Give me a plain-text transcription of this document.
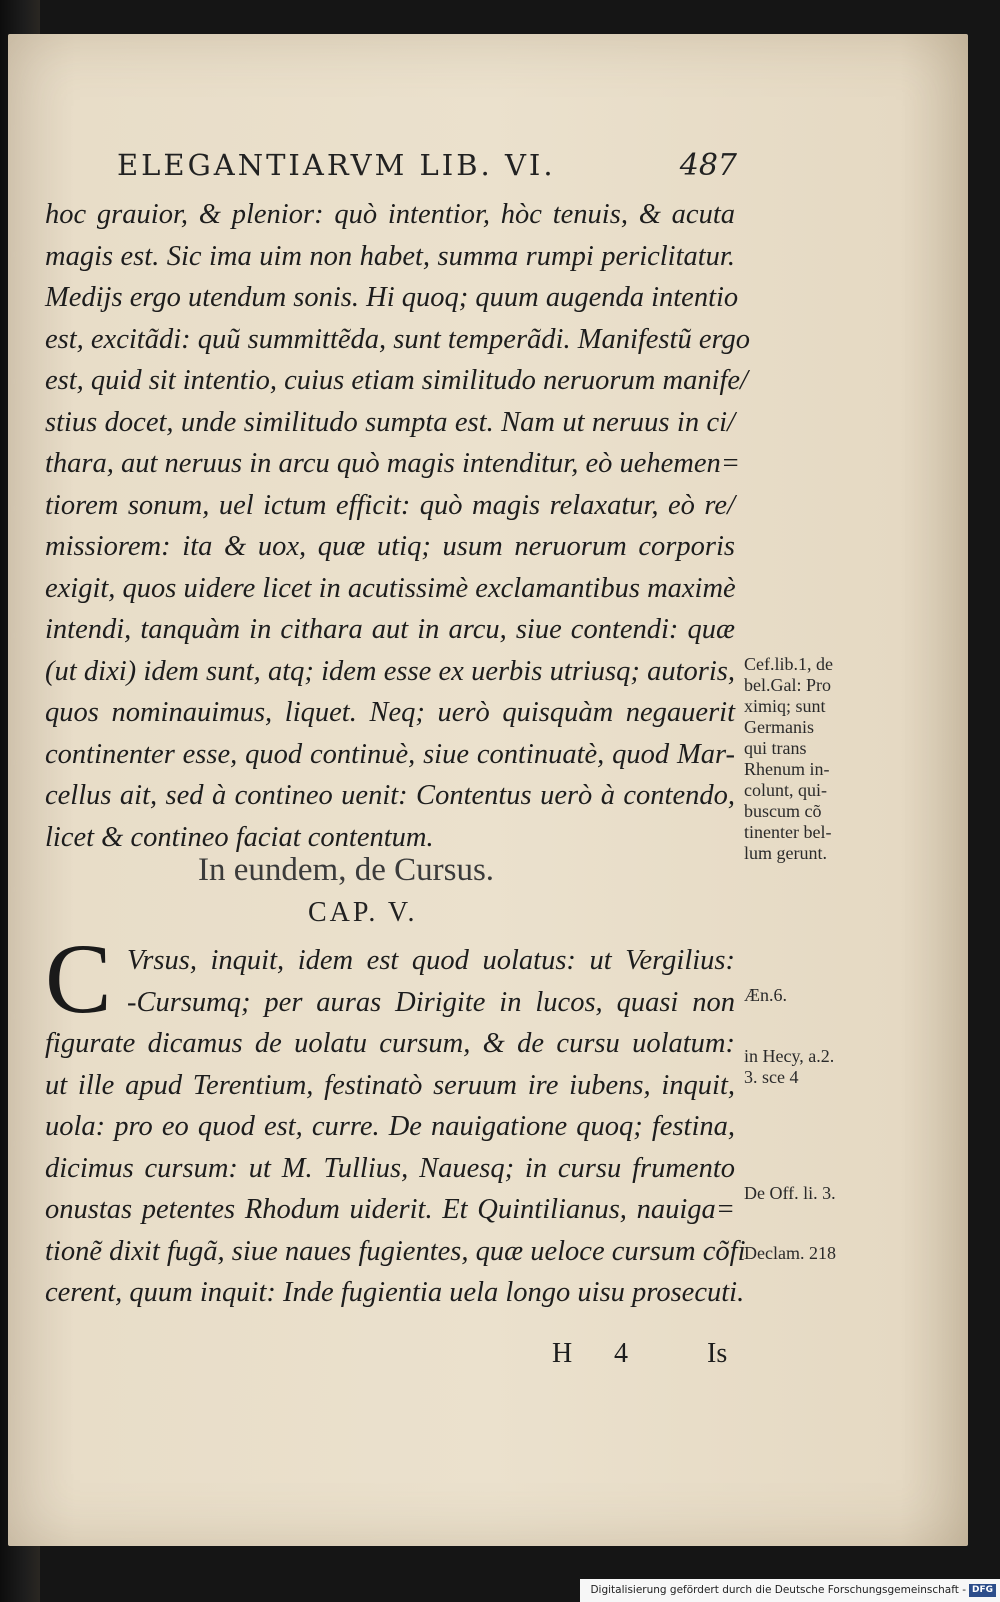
ELEGANTIARVM LIB. VI.	487
hoc grauior, & plenior: quò intentior, hòc tenuis, & acuta
magis est. Sic ima uim non habet, summa rumpi periclitatur.
Medijs ergo utendum sonis. Hi quoq; quum augenda intentio
est, excitãdi: quũ summittẽda, sunt temperãdi. Manifestũ ergo
est, quid sit intentio, cuius etiam similitudo neruorum manife/
stius docet, unde similitudo sumpta est. Nam ut neruus in ci/
thara, aut neruus in arcu quò magis intenditur, eò uehemen=
tiorem sonum, uel ictum efficit: quò magis relaxatur, eò re/
missiorem: ita & uox, quæ utiq; usum neruorum corporis
exigit, quos uidere licet in acutissimè exclamantibus maximè
intendi, tanquàm in cithara aut in arcu, siue contendi: quæ
(ut dixi) idem sunt, atq; idem esse ex uerbis utriusq; autoris,
quos nominauimus, liquet. Neq; uerò quisquàm negauerit
continenter esse, quod continuè, siue continuatè, quod Mar-
cellus ait, sed à contineo uenit: Contentus uerò à contendo,
licet & contineo faciat contentum.
In eundem, de Cursus.
CAP. V.
C Vrsus, inquit, idem est quod uolatus: ut Vergilius:
-Cursumq; per auras Dirigite in lucos, quasi non
figurate dicamus de uolatu cursum, & de cursu uolatum:
ut ille apud Terentium, festinatò seruum ire iubens, inquit,
uola: pro eo quod est, curre. De nauigatione quoq; festina,
dicimus cursum: ut M. Tullius, Nauesq; in cursu frumento
onustas petentes Rhodum uiderit. Et Quintilianus, nauiga=
tionẽ dixit fugã, siue naues fugientes, quæ ueloce cursum cõfi
cerent, quum inquit: Inde fugientia uela longo uisu prosecuti.
H 4	Is
Cef.lib.1, de
bel.Gal: Pro
ximiq; sunt
Germanis
qui trans
Rhenum in-
colunt, qui-
buscum cõ
tinenter bel-
lum gerunt.
Æn.6.
in Hecy, a.2.
3. sce 4
De Off. li. 3.
Declam. 218
Digitalisierung gefördert durch die Deutsche Forschungsgemeinschaft - DFG
